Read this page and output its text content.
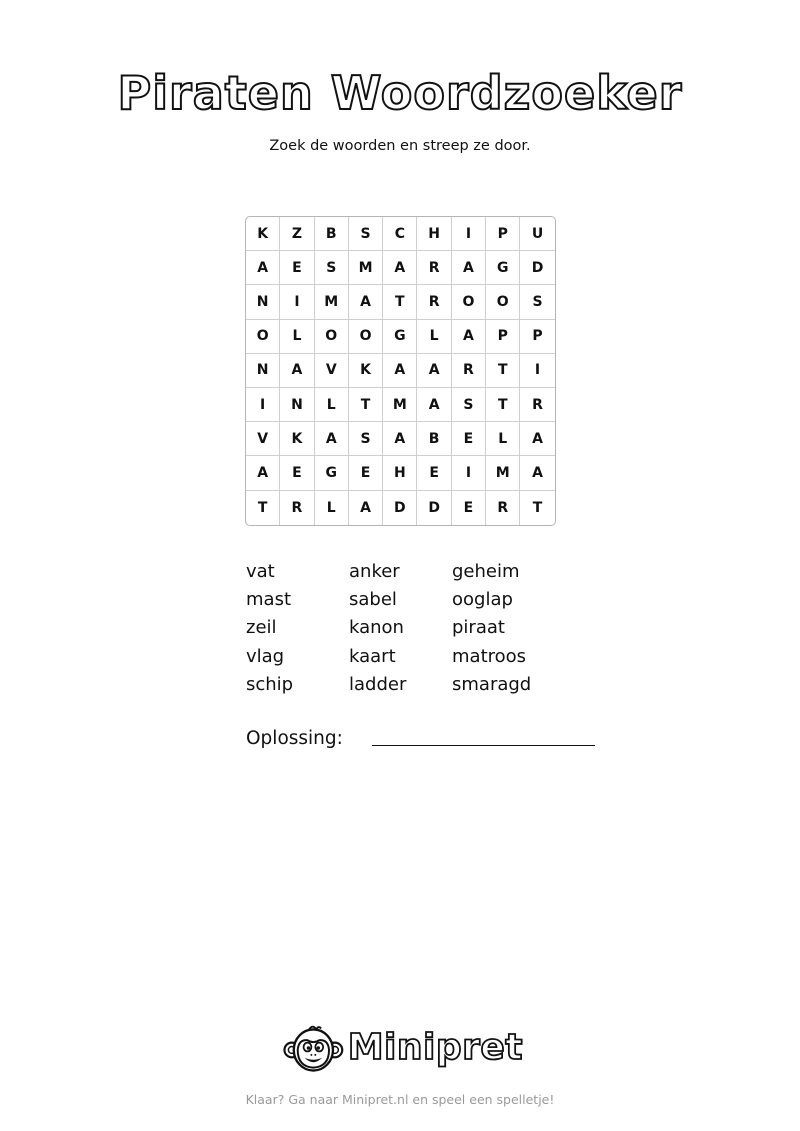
Piraten Woordzoeker
Zoek de woorden en streep ze door.
K	Z	B	S	C	H	I	P	U
A	E	S	M	A	R	A	G	D
N	I	M	A	T	R	O	O	S
O	L	O	O	G	L	A	P	P
N	A	V	K	A	A	R	T	I
I	N	L	T	M	A	S	T	R
V	K	A	S	A	B	E	L	A
A	E	G	E	H	E	I	M	A
T	R	L	A	D	D	E	R	T
vat	anker	geheim
mast	sabel	ooglap
zeil	kanon	piraat
vlag	kaart	matroos
schip	ladder	smaragd
Oplossing:
Minipret
Klaar? Ga naar Minipret.nl en speel een spelletje!
